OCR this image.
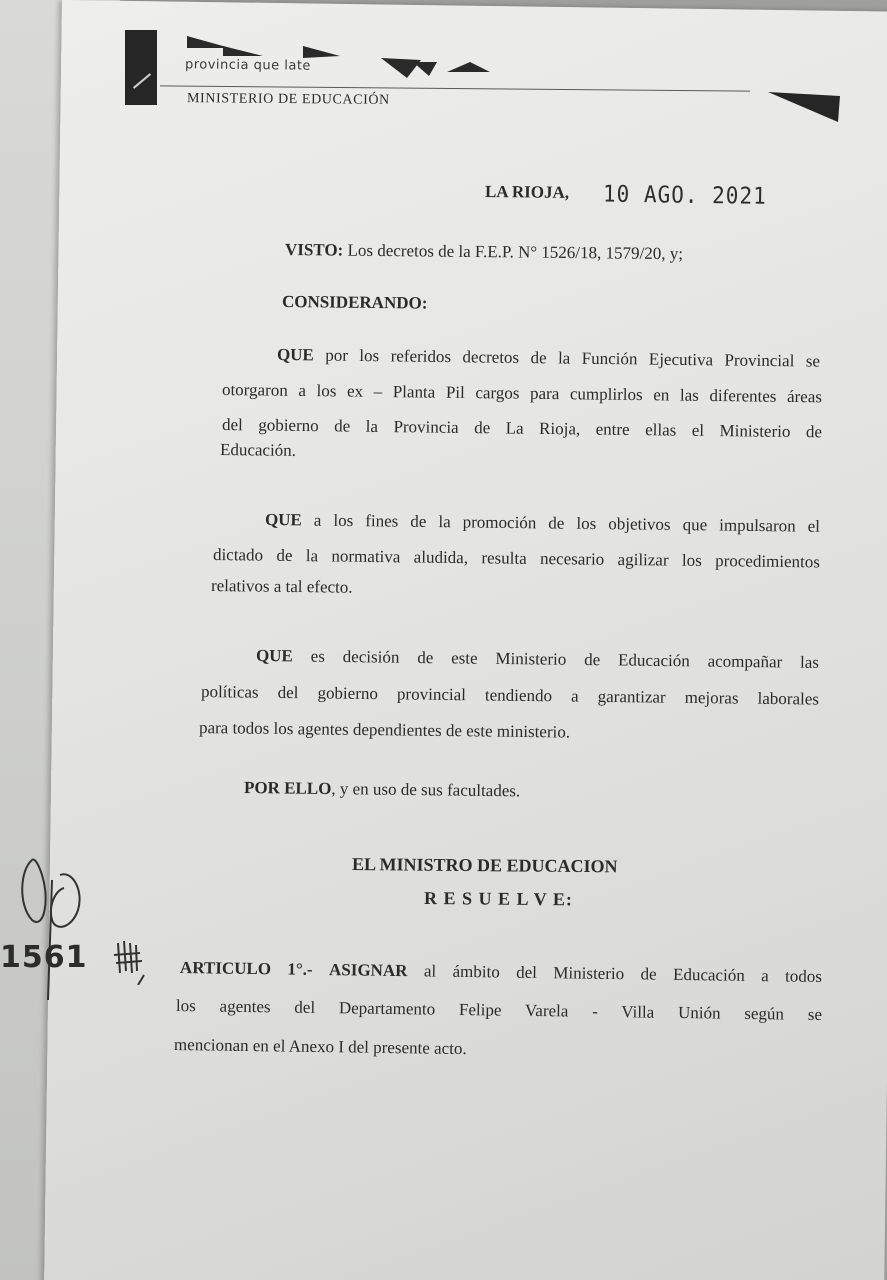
provincia que late
MINISTERIO DE EDUCACIÓN
LA RIOJA, 10 AGO. 2021
VISTO: Los decretos de la F.E.P. N° 1526/18, 1579/20, y;
CONSIDERANDO:
QUE por los referidos decretos de la Función Ejecutiva Provincial se
otorgaron a los ex – Planta Pil cargos para cumplirlos en las diferentes áreas
del gobierno de la Provincia de La Rioja, entre ellas el Ministerio de
Educación.
QUE a los fines de la promoción de los objetivos que impulsaron el
dictado de la normativa aludida, resulta necesario agilizar los procedimientos
relativos a tal efecto.
QUE es decisión de este Ministerio de Educación acompañar las
políticas del gobierno provincial tendiendo a garantizar mejoras laborales
para todos los agentes dependientes de este ministerio.
POR ELLO, y en uso de sus facultades.
EL MINISTRO DE EDUCACION
R E S U E L V E:
ARTICULO 1°.- ASIGNAR al ámbito del Ministerio de Educación a todos
los agentes del Departamento Felipe Varela - Villa Unión según se
mencionan en el Anexo I del presente acto.
1561
